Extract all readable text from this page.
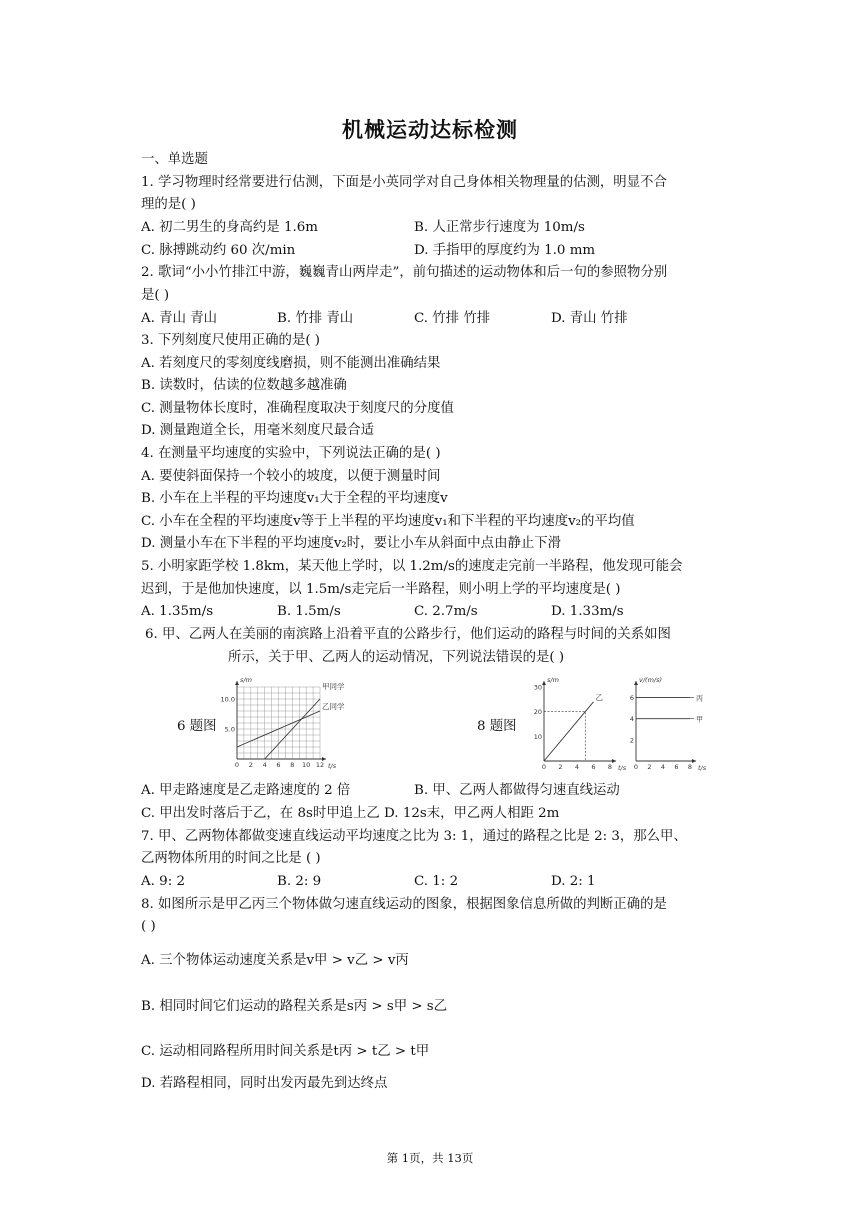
机械运动达标检测
一、单选题
1. 学习物理时经常要进行估测，下面是小英同学对自己身体相关物理量的估测，明显不合
理的是( )
A. 初二男生的身高约是 1.6m	B. 人正常步行速度为 10m/s
C. 脉搏跳动约 60 次/min	D. 手指甲的厚度约为 1.0 mm
2. 歌词“小小竹排江中游，巍巍青山两岸走”，前句描述的运动物体和后一句的参照物分别
是( )
A. 青山 青山	B. 竹排 青山	C. 竹排 竹排	D. 青山 竹排
3. 下列刻度尺使用正确的是( )
A. 若刻度尺的零刻度线磨损，则不能测出准确结果
B. 读数时，估读的位数越多越准确
C. 测量物体长度时，准确程度取决于刻度尺的分度值
D. 测量跑道全长，用毫米刻度尺最合适
4. 在测量平均速度的实验中，下列说法正确的是( )
A. 要使斜面保持一个较小的坡度，以便于测量时间
B. 小车在上半程的平均速度v₁大于全程的平均速度v
C. 小车在全程的平均速度v等于上半程的平均速度v₁和下半程的平均速度v₂的平均值
D. 测量小车在下半程的平均速度v₂时，要让小车从斜面中点由静止下滑
5. 小明家距学校 1.8km，某天他上学时，以 1.2m/s的速度走完前一半路程，他发现可能会
迟到，于是他加快速度，以 1.5m/s走完后一半路程，则小明上学的平均速度是( )
A. 1.35m/s	B. 1.5m/s	C. 2.7m/s	D. 1.33m/s
6. 甲、乙两人在美丽的南滨路上沿着平直的公路步行，他们运动的路程与时间的关系如图
所示，关于甲、乙两人的运动情况，下列说法错误的是( )
6 题图	8 题图
0 2 4 6 8 10 12
5.0
10.0
t/s
s/m
甲同学
乙同学
0 2 4 6 8
10
20
30
t/s
s/m
乙
0 2 4 6 8
2
4
6
t/s
v/(m/s)
丙
甲
A. 甲走路速度是乙走路速度的 2 倍	B. 甲、乙两人都做得匀速直线运动
C. 甲出发时落后于乙，在 8s时甲追上乙 D. 12s末，甲乙两人相距 2m
7. 甲、乙两物体都做变速直线运动平均速度之比为 3: 1，通过的路程之比是 2: 3，那么甲、
乙两物体所用的时间之比是 ( )
A. 9: 2	B. 2: 9	C. 1: 2	D. 2: 1
8. 如图所示是甲乙丙三个物体做匀速直线运动的图象，根据图象信息所做的判断正确的是
( )
A. 三个物体运动速度关系是v甲 > v乙 > v丙
B. 相同时间它们运动的路程关系是s丙 > s甲 > s乙
C. 运动相同路程所用时间关系是t丙 > t乙 > t甲
D. 若路程相同，同时出发丙最先到达终点
第 1页，共 13页
